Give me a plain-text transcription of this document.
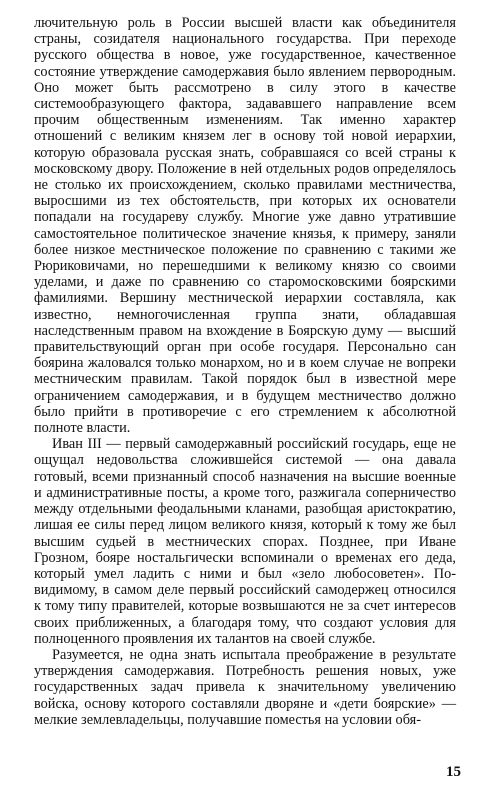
лючительную роль в России высшей власти как объединителя страны, созидателя национального государства. При переходе русского общества в новое, уже государственное, качественное состояние утверждение самодержавия было явлением первородным. Оно может быть рассмотрено в силу этого в качестве системообразующего фактора, задававшего направление всем прочим общественным изменениям. Так именно характер отношений с великим князем лег в основу той новой иерархии, которую образовала русская знать, собравшаяся со всей страны к московскому двору. Положение в ней отдельных родов определялось не столько их происхождением, сколько правилами местничества, выросшими из тех обстоятельств, при которых их основатели попадали на государеву службу. Многие уже давно утратившие самостоятельное политическое значение князья, к примеру, заняли более низкое местническое положение по сравнению с такими же Рюриковичами, но перешедшими к великому князю со своими уделами, и даже по сравнению со старомосковскими боярскими фамилиями. Вершину местнической иерархии составляла, как известно, немногочисленная группа знати, обладавшая наследственным правом на вхождение в Боярскую думу — высший правительствующий орган при особе государя. Персонально сан боярина жаловался только монархом, но и в коем случае не вопреки местническим правилам. Такой порядок был в известной мере ограничением самодержавия, и в будущем местничество должно было прийти в противоречие с его стремлением к абсолютной полноте власти.

Иван III — первый самодержавный российский государь, еще не ощущал недовольства сложившейся системой — она давала готовый, всеми признанный способ назначения на высшие военные и административные посты, а кроме того, разжигала соперничество между отдельными феодальными кланами, разобщая аристократию, лишая ее силы перед лицом великого князя, который к тому же был высшим судьей в местнических спорах. Позднее, при Иване Грозном, бояре ностальгически вспоминали о временах его деда, который умел ладить с ними и был «зело любосоветен». По-видимому, в самом деле первый российский самодержец относился к тому типу правителей, которые возвышаются не за счет интересов своих приближенных, а благодаря тому, что создают условия для полноценного проявления их талантов на своей службе.

Разумеется, не одна знать испытала преображение в результате утверждения самодержавия. Потребность решения новых, уже государственных задач привела к значительному увеличению войска, основу которого составляли дворяне и «дети боярские» — мелкие землевладельцы, получавшие поместья на условии обя-

15
